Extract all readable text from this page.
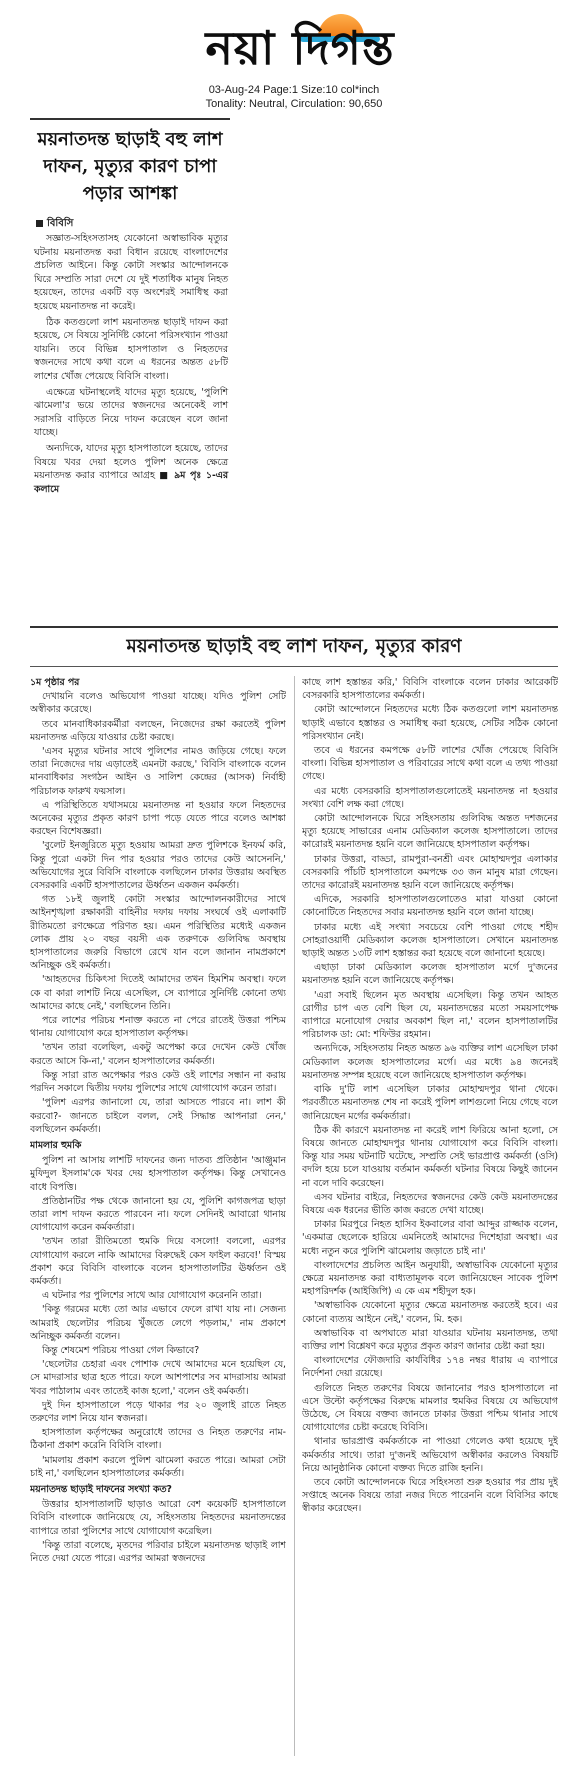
নয়া দিগন্ত
03-Aug-24 Page:1 Size:10 col*inch
Tonality: Neutral, Circulation: 90,650
ময়নাতদন্ত ছাড়াই বহু লাশ দাফন, মৃত্যুর কারণ চাপা পড়ার আশঙ্কা
বিবিসি

সজ্ঞাত-সহিংসতাসহ যেকোনো অস্বাভাবিক মৃত্যুর ঘটনায় ময়নাতদন্ত করা বিধান রয়েছে বাংলাদেশের প্রচলিত আইনে। কিন্তু কোটা সংস্কার আন্দোলনকে ঘিরে সম্প্রতি সারা দেশে যে দুই শতাধিক মানুষ নিহত হয়েছেন, তাদের একটি বড় অংশেরই সমাধিস্থ করা হয়েছে ময়নাতদন্ত না করেই।

ঠিক কতগুলো লাশ ময়নাতদন্ত ছাড়াই দাফন করা হয়েছে, সে বিষয়ে সুনির্দিষ্ট কোনো পরিসংখ্যান পাওয়া যায়নি। তবে বিভিন্ন হাসপাতাল ও নিহতদের স্বজনদের সাথে কথা বলে এ ধরনের অন্তত ৫৮টি লাশের খোঁজ পেয়েছে বিবিসি বাংলা।

এক্ষেত্রে ঘটনাস্থলেই যাদের মৃত্যু হয়েছে, 'পুলিশি ঝামেলা'র ভয়ে তাদের স্বজনদের অনেকেই লাশ সরাসরি বাড়িতে নিয়ে দাফন করেছেন বলে জানা যাচ্ছে।

অন্যদিকে, যাদের মৃত্যু হাসপাতালে হয়েছে, তাদের বিষয়ে খবর দেয়া হলেও পুলিশ অনেক ক্ষেত্রে ময়নাতদন্ত করার ব্যাপারে আগ্রহ ■ ৯ম পৃঃ ১-এর কলামে

ময়নাতদন্ত ছাড়াই বহু লাশ দাফন, মৃত্যুর কারণ

১ম পৃষ্ঠার পর

দেখায়নি বলেও অভিযোগ পাওয়া যাচ্ছে। যদিও পুলিশ সেটি অস্বীকার করেছে।

তবে মানবাধিকারকর্মীরা বলছেন, নিজেদের রক্ষা করতেই পুলিশ ময়নাতদন্ত এড়িয়ে যাওয়ার চেষ্টা করছে।

'এসব মৃত্যুর ঘটনার সাথে পুলিশের নামও জড়িয়ে গেছে। ফলে তারা নিজেদের দায় এড়াতেই এমনটা করছে,' বিবিসি বাংলাকে বলেন মানবাধিকার সংগঠন আইন ও সালিশ কেন্দ্রের (আসক) নির্বাহী পরিচালক ফারুখ ফয়সাল।

এ পরিস্থিতিতে যথাসময়ে ময়নাতদন্ত না হওয়ার ফলে নিহতদের অনেকের মৃত্যুর প্রকৃত কারণ চাপা পড়ে যেতে পারে বলেও আশঙ্কা করছেন বিশেষজ্ঞরা।

'বুলেট ইনজুরিতে মৃত্যু হওয়ায় আমরা দ্রুত পুলিশকে ইনফর্ম করি, কিন্তু পুরো একটা দিন পার হওয়ার পরও তাদের কেউ আসেননি,' অভিযোগের সুরে বিবিসি বাংলাকে বলছিলেন ঢাকার উত্তরায় অবস্থিত বেসরকারি একটি হাসপাতালের ঊর্ধ্বতন একজন কর্মকর্তা।

গত ১৮ই জুলাই কোটা সংস্কার আন্দোলনকারীদের সাথে আইনশৃঙ্খলা রক্ষাকারী বাহিনীর দফায় দফায় সংঘর্ষে ওই এলাকাটি রীতিমতো রণক্ষেত্রে পরিণত হয়। এমন পরিস্থিতির মধ্যেই একজন লোক প্রায় ২০ বছর বয়সী এক তরুণকে গুলিবিদ্ধ অবস্থায় হাসপাতালের জরুরি বিভাগে রেখে যান বলে জানান নামপ্রকাশে অনিচ্ছুক ওই কর্মকর্তা।

'আহতদের চিকিৎসা দিতেই আমাদের তখন হিমশিম অবস্থা। ফলে কে বা কারা লাশটি নিয়ে এসেছিল, সে ব্যাপারে সুনির্দিষ্ট কোনো তথ্য আমাদের কাছে নেই,' বলছিলেন তিনি।

পরে লাশের পরিচয় শনাক্ত করতে না পেরে রাতেই উত্তরা পশ্চিম থানায় যোগাযোগ করে হাসপাতাল কর্তৃপক্ষ।

'তখন তারা বলেছিল, একটু অপেক্ষা করে দেখেন কেউ খোঁজ করতে আসে কি-না,' বলেন হাসপাতালের কর্মকর্তা।

কিন্তু সারা রাত অপেক্ষার পরও কেউ ওই লাশের সন্ধান না করায় পরদিন সকালে দ্বিতীয় দফায় পুলিশের সাথে যোগাযোগ করেন তারা।

'পুলিশ এরপর জানালো যে, তারা আসতে পারবে না। লাশ কী করবো?- জানতে চাইলে বলল, সেই সিদ্ধান্ত আপনারা নেন,' বলছিলেন কর্মকর্তা।

মামলার হুমকি

পুলিশ না আসায় লাশটি দাফনের জন্য দাতব্য প্রতিষ্ঠান 'আঞ্জুমান মুফিদুল ইসলাম'কে খবর দেয় হাসপাতাল কর্তৃপক্ষ। কিন্তু সেখানেও বাধে বিপত্তি।

প্রতিষ্ঠানটির পক্ষ থেকে জানানো হয় যে, পুলিশি কাগজপত্র ছাড়া তারা লাশ দাফন করতে পারবেন না। ফলে সেদিনই আবারো থানায় যোগাযোগ করেন কর্মকর্তারা।

'তখন তারা রীতিমতো হুমকি দিয়ে বসলো! বললো, এরপর যোগাযোগ করলে নাকি আমাদের বিরুদ্ধেই কেস ফাইল করবে!' বিস্ময় প্রকাশ করে বিবিসি বাংলাকে বলেন হাসপাতালটির ঊর্ধ্বতন ওই কর্মকর্তা।

এ ঘটনার পর পুলিশের সাথে আর যোগাযোগ করেননি তারা।

'কিন্তু গরমের মধ্যে তো আর এভাবে ফেলে রাখা যায় না। সেজন্য আমরাই ছেলেটার পরিচয় খুঁজতে লেগে পড়লাম,' নাম প্রকাশে অনিচ্ছুক কর্মকর্তা বলেন।

কিন্তু শেষমেশ পরিচয় পাওয়া গেল কিভাবে?

'ছেলেটার চেহারা এবং পোশাক দেখে আমাদের মনে হয়েছিল যে, সে মাদরাসার ছাত্র হতে পারে। ফলে আশপাশের সব মাদরাসায় আমরা খবর পাঠালাম এবং তাতেই কাজ হলো,' বলেন ওই কর্মকর্তা।

দুই দিন হাসপাতালে পড়ে থাকার পর ২০ জুলাই রাতে নিহত তরুণের লাশ নিয়ে যান স্বজনরা।

হাসপাতাল কর্তৃপক্ষের অনুরোধে তাদের ও নিহত তরুণের নাম-ঠিকানা প্রকাশ করেনি বিবিসি বাংলা।

'মামলায় প্রকাশ করলে পুলিশ ঝামেলা করতে পারে। আমরা সেটা চাই না,' বলছিলেন হাসপাতালের কর্মকর্তা।

ময়নাতদন্ত ছাড়াই দাফনের সংখ্যা কত?

উত্তরার হাসপাতালটি ছাড়াও আরো বেশ কয়েকটি হাসপাতালে বিবিসি বাংলাকে জানিয়েছে যে, সহিংসতায় নিহতদের ময়নাতদন্তের ব্যাপারে তারা পুলিশের সাথে যোগাযোগ করেছিল।

'কিন্তু তারা বলেছে, মৃতদের পরিবার চাইলে ময়নাতদন্ত ছাড়াই লাশ নিতে দেয়া যেতে পারে। এরপর আমরা স্বজনদের

কাছে লাশ হস্তান্তর করি,' বিবিসি বাংলাকে বলেন ঢাকার আরেকটি বেসরকারি হাসপাতালের কর্মকর্তা।

কোটা আন্দোলনে নিহতদের মধ্যে ঠিক কতগুলো লাশ ময়নাতদন্ত ছাড়াই এভাবে হস্তান্তর ও সমাধিস্থ করা হয়েছে, সেটির সঠিক কোনো পরিসংখ্যান নেই।

তবে এ ধরনের কমপক্ষে ৫৮টি লাশের খোঁজ পেয়েছে বিবিসি বাংলা। বিভিন্ন হাসপাতাল ও পরিবারের সাথে কথা বলে এ তথ্য পাওয়া গেছে।

এর মধ্যে বেসরকারি হাসপাতালগুলোতেই ময়নাতদন্ত না হওয়ার সংখ্যা বেশি লক্ষ করা গেছে।

কোটা আন্দোলনকে ঘিরে সহিংসতায় গুলিবিদ্ধ অন্তত দশজনের মৃত্যু হয়েছে সাভারের এনাম মেডিক্যাল কলেজ হাসপাতালে। তাদের কারোরই ময়নাতদন্ত হয়নি বলে জানিয়েছে হাসপাতাল কর্তৃপক্ষ।

ঢাকার উত্তরা, বাড্ডা, রামপুরা-বনশ্রী এবং মোহাম্মদপুর এলাকার বেসরকারি পাঁচটি হাসপাতালে কমপক্ষে ৩৩ জন মানুষ মারা গেছেন। তাদের কারোরই ময়নাতদন্ত হয়নি বলে জানিয়েছে কর্তৃপক্ষ।

এদিকে, সরকারি হাসপাতালগুলোতেও মারা যাওয়া কোনো কোনোটিতে নিহতদের সবার ময়নাতদন্ত হয়নি বলে জানা যাচ্ছে।

ঢাকার মধ্যে এই সংখ্যা সবচেয়ে বেশি পাওয়া গেছে শহীদ সোহরাওয়ার্দী মেডিক্যাল কলেজ হাসপাতালে। সেখানে ময়নাতদন্ত ছাড়াই অন্তত ১৩টি লাশ হস্তান্তর করা হয়েছে বলে জানানো হয়েছে।

এছাড়া ঢাকা মেডিক্যাল কলেজ হাসপাতাল মর্গে দু'জনের ময়নাতদন্ত হয়নি বলে জানিয়েছে কর্তৃপক্ষ।

'এরা সবাই ছিলেন মৃত অবস্থায় এসেছিল। কিন্তু তখন আহত রোগীর চাপ এত বেশি ছিল যে, ময়নাতদন্তের মতো সময়সাপেক্ষ ব্যাপারে মনোযোগ দেয়ার অবকাশ ছিল না,' বলেন হাসপাতালটির পরিচালক ডা: মো: শফিউর রহমান।

অন্যদিকে, সহিংসতায় নিহত অন্তত ৯৬ ব্যক্তির লাশ এসেছিল ঢাকা মেডিক্যাল কলেজ হাসপাতালের মর্গে। এর মধ্যে ৯৪ জনেরই ময়নাতদন্ত সম্পন্ন হয়েছে বলে জানিয়েছে হাসপাতাল কর্তৃপক্ষ।

বাকি দু'টি লাশ এসেছিল ঢাকার মোহাম্মদপুর থানা থেকে। পরবর্তীতে ময়নাতদন্ত শেষ না করেই পুলিশ লাশগুলো নিয়ে গেছে বলে জানিয়েছেন মর্গের কর্মকর্তারা।

ঠিক কী কারণে ময়নাতদন্ত না করেই লাশ ফিরিয়ে আনা হলো, সে বিষয়ে জানতে মোহাম্মদপুর থানায় যোগাযোগ করে বিবিসি বাংলা। কিন্তু যার সময় ঘটনাটি ঘটেছে, সম্প্রতি সেই ভারপ্রাপ্ত কর্মকর্তা (ওসি) বদলি হয়ে চলে যাওয়ায় বর্তমান কর্মকর্তা ঘটনার বিষয়ে কিছুই জানেন না বলে দাবি করেছেন।

এসব ঘটনার বাইরে, নিহতদের স্বজনদের কেউ কেউ ময়নাতদন্তের বিষয়ে এক ধরনের ভীতি কাজ করতে দেখা যাচ্ছে।

ঢাকার মিরপুরে নিহত হাসিব ইকবালের বাবা আব্দুর রাজ্জাক বলেন, 'একমাত্র ছেলেকে হারিয়ে এমনিতেই আমাদের দিশেহারা অবস্থা। এর মধ্যে নতুন করে পুলিশি ঝামেলায় জড়াতে চাই না।'

বাংলাদেশের প্রচলিত আইন অনুযায়ী, অস্বাভাবিক যেকোনো মৃত্যুর ক্ষেত্রে ময়নাতদন্ত করা বাধ্যতামূলক বলে জানিয়েছেন সাবেক পুলিশ মহাপরিদর্শক (আইজিপি) এ কে এম শহীদুল হক।

'অস্বাভাবিক যেকোনো মৃত্যুর ক্ষেত্রে ময়নাতদন্ত করতেই হবে। এর কোনো ব্যত্যয় আইনে নেই,' বলেন, মি. হক।

অস্বাভাবিক বা অপঘাতে মারা যাওয়ার ঘটনায় ময়নাতদন্ত, তথা ব্যক্তির লাশ বিশ্লেষণ করে মৃত্যুর প্রকৃত কারণ জানার চেষ্টা করা হয়।

বাংলাদেশের ফৌজদারি কার্যবিধির ১৭৪ নম্বর ধারায় এ ব্যাপারে নির্দেশনা দেয়া রয়েছে।

গুলিতে নিহত তরুণের বিষয়ে জানানোর পরও হাসপাতালে না এসে উল্টো কর্তৃপক্ষের বিরুদ্ধে মামলার হুমকির বিষয়ে যে অভিযোগ উঠেছে, সে বিষয়ে বক্তব্য জানতে ঢাকার উত্তরা পশ্চিম থানার সাথে যোগাযোগের চেষ্টা করেছে বিবিসি।

থানার ভারপ্রাপ্ত কর্মকর্তাকে না পাওয়া গেলেও কথা হয়েছে দুই কর্মকর্তার সাথে। তারা দু'জনই অভিযোগ অস্বীকার করলেও বিষয়টি নিয়ে আনুষ্ঠানিক কোনো বক্তব্য দিতে রাজি হননি।

তবে কোটা আন্দোলনকে ঘিরে সহিংসতা শুরু হওয়ার পর প্রায় দুই সপ্তাহে অনেক বিষয়ে তারা নজর দিতে পারেননি বলে বিবিসির কাছে স্বীকার করেছেন।
